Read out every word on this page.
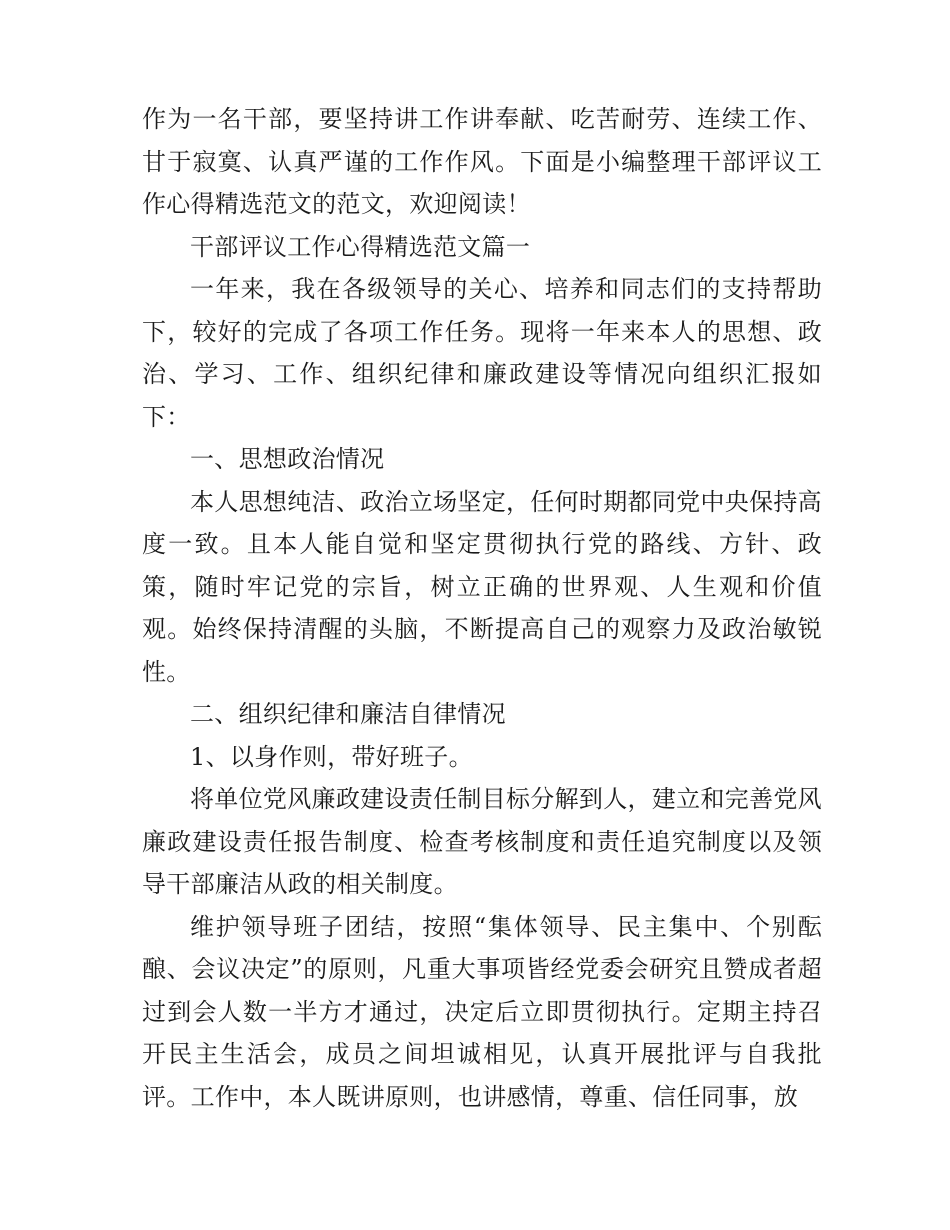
作为一名干部，要坚持讲工作讲奉献、吃苦耐劳、连续工作、甘于寂寞、认真严谨的工作作风。下面是小编整理干部评议工作心得精选范文的范文，欢迎阅读！

干部评议工作心得精选范文篇一

一年来，我在各级领导的关心、培养和同志们的支持帮助下，较好的完成了各项工作任务。现将一年来本人的思想、政治、学习、工作、组织纪律和廉政建设等情况向组织汇报如下：

一、思想政治情况

本人思想纯洁、政治立场坚定，任何时期都同党中央保持高度一致。且本人能自觉和坚定贯彻执行党的路线、方针、政策，随时牢记党的宗旨，树立正确的世界观、人生观和价值观。始终保持清醒的头脑，不断提高自己的观察力及政治敏锐性。

二、组织纪律和廉洁自律情况

1、以身作则，带好班子。

将单位党风廉政建设责任制目标分解到人，建立和完善党风廉政建设责任报告制度、检查考核制度和责任追究制度以及领导干部廉洁从政的相关制度。

维护领导班子团结，按照“集体领导、民主集中、个别酝酿、会议决定”的原则，凡重大事项皆经党委会研究且赞成者超过到会人数一半方才通过，决定后立即贯彻执行。定期主持召开民主生活会，成员之间坦诚相见，认真开展批评与自我批评。工作中，本人既讲原则，也讲感情，尊重、信任同事，放
